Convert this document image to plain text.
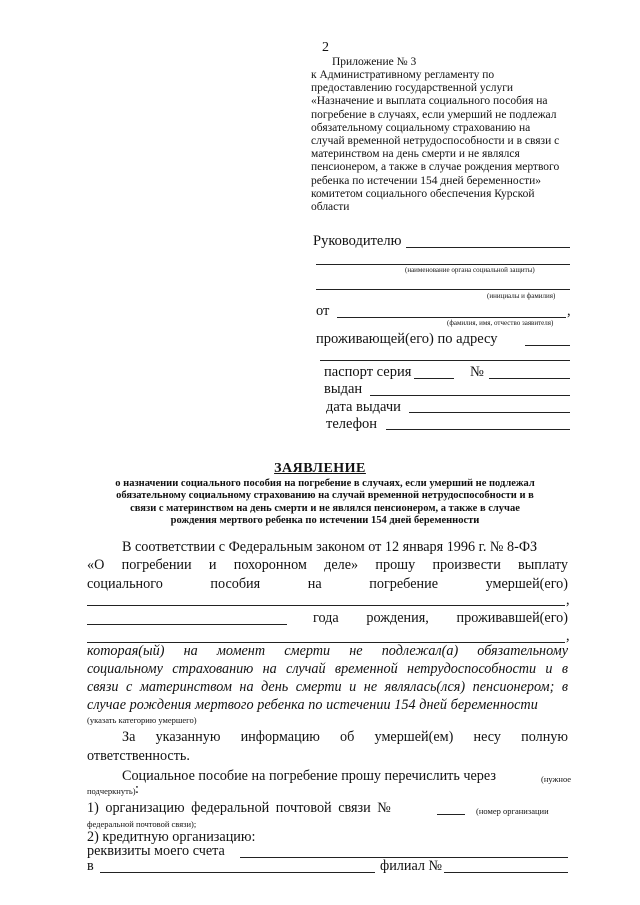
2
Приложение № 3
к Административному регламенту по
предоставлению государственной услуги
«Назначение и выплата социального пособия на
погребение в случаях, если умерший не подлежал
обязательному социальному страхованию на
случай временной нетрудоспособности и в связи с
материнством на день смерти и не являлся
пенсионером, а также в случае рождения мертвого
ребенка по истечении 154 дней беременности»
комитетом социального обеспечения Курской
области
Руководителю
(наименование органа социальной защиты)
(инициалы и фамилия)
от	,
(фамилия, имя, отчество заявителя)
проживающей(его) по адресу
паспорт серия	№
выдан
дата выдачи
телефон
ЗАЯВЛЕНИЕ
о назначении социального пособия на погребение в случаях, если умерший не подлежал
обязательному социальному страхованию на случай временной нетрудоспособности и в
связи с материнством на день смерти и не являлся пенсионером, а также в случае
рождения мертвого ребенка по истечении 154 дней беременности
В соответствии с Федеральным законом от 12 января 1996 г. № 8-ФЗ
«О погребении и похоронном деле» прошу произвести выплату
социального пособия на погребение умершей(его)
,
года рождения, проживавшей(его)
,
которая(ый) на момент смерти не подлежал(а) обязательному
социальному страхованию на случай временной нетрудоспособности и в
связи с материнством на день смерти и не являлась(лся) пенсионером; в
случае рождения мертвого ребенка по истечении 154 дней беременности
(указать категорию умершего)
За указанную информацию об умершей(ем) несу полную
ответственность.
Социальное пособие на погребение прошу перечислить через	(нужное
подчеркнуть) :
1) организацию федеральной почтовой связи №	(номер организации
федеральной почтовой связи);
2) кредитную организацию:
реквизиты моего счета
в	филиал №
